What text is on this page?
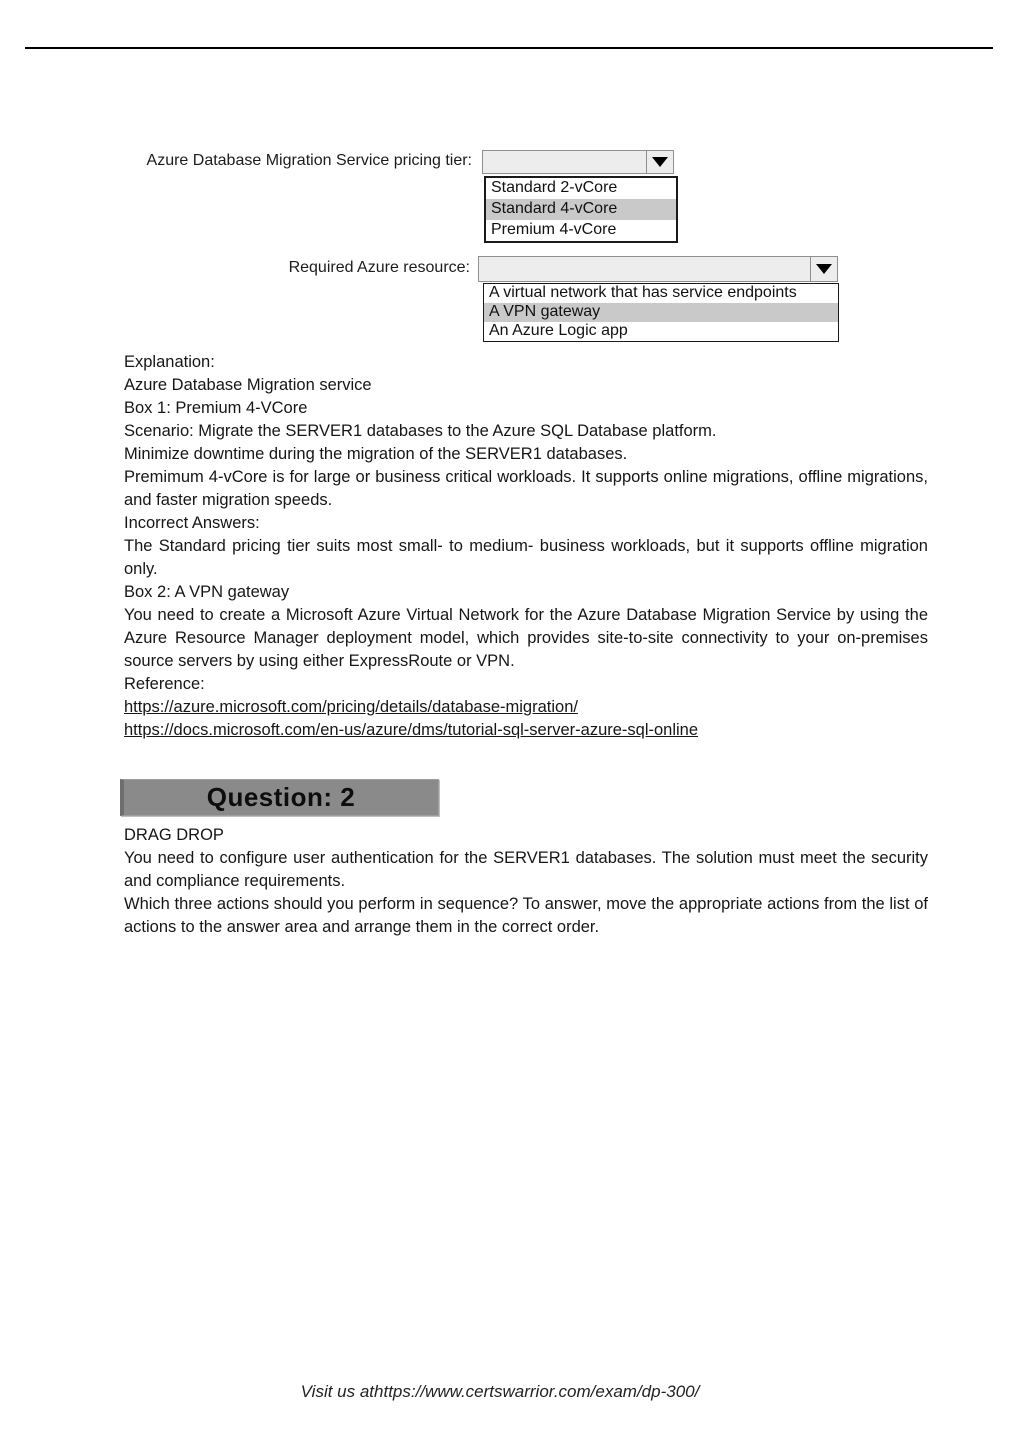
Azure Database Migration Service pricing tier:
Standard 2-vCore
Standard 4-vCore
Premium 4-vCore
Required Azure resource:
A virtual network that has service endpoints
A VPN gateway
An Azure Logic app

Explanation:

Azure Database Migration service

Box 1: Premium 4-VCore

Scenario: Migrate the SERVER1 databases to the Azure SQL Database platform.

Minimize downtime during the migration of the SERVER1 databases.

Premimum 4-vCore is for large or business critical workloads. It supports online migrations, offline migrations, and faster migration speeds.

Incorrect Answers:

The Standard pricing tier suits most small- to medium- business workloads, but it supports offline migration only.

Box 2: A VPN gateway

You need to create a Microsoft Azure Virtual Network for the Azure Database Migration Service by using the Azure Resource Manager deployment model, which provides site-to-site connectivity to your on-premises source servers by using either ExpressRoute or VPN.

Reference:

https://azure.microsoft.com/pricing/details/database-migration/
https://docs.microsoft.com/en-us/azure/dms/tutorial-sql-server-azure-sql-online
Question: 2

DRAG DROP

You need to configure user authentication for the SERVER1 databases. The solution must meet the security and compliance requirements.

Which three actions should you perform in sequence? To answer, move the appropriate actions from the list of actions to the answer area and arrange them in the correct order.

Visit us athttps://www.certswarrior.com/exam/dp-300/
